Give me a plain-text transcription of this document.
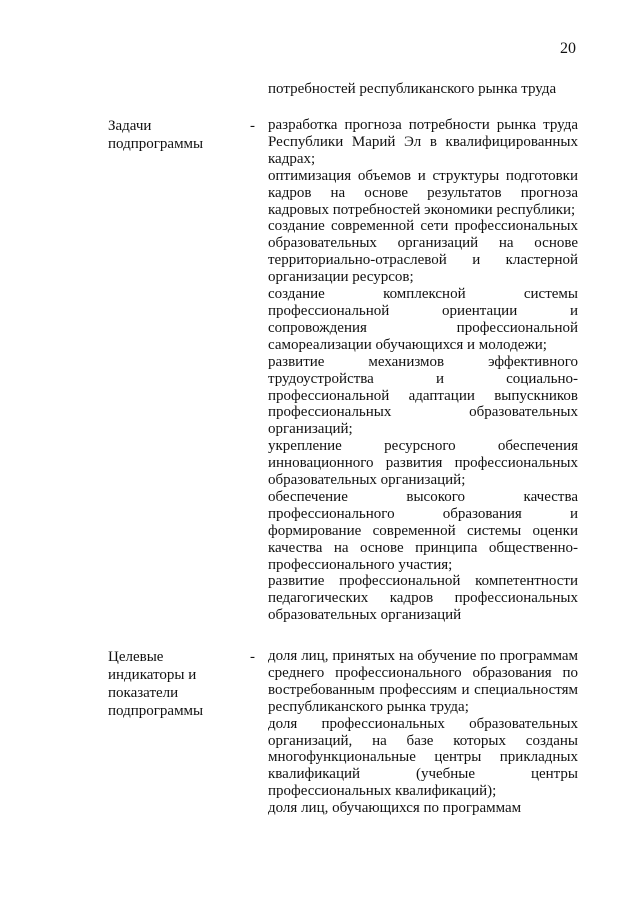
20
потребностей республиканского рынка труда
Задачи подпрограммы
- разработка прогноза потребности рынка труда Республики Марий Эл в квалифицированных кадрах;
оптимизация объемов и структуры подготовки кадров на основе результатов прогноза кадровых потребностей экономики республики;
создание современной сети профессиональных образовательных организаций на основе территориально-отраслевой и кластерной организации ресурсов;
создание комплексной системы профессиональной ориентации и сопровождения профессиональной самореализации обучающихся и молодежи;
развитие механизмов эффективного трудоустройства и социально-профессиональной адаптации выпускников профессиональных образовательных организаций;
укрепление ресурсного обеспечения инновационного развития профессиональных образовательных организаций;
обеспечение высокого качества профессионального образования и формирование современной системы оценки качества на основе принципа общественно-профессионального участия;
развитие профессиональной компетентности педагогических кадров профессиональных образовательных организаций
Целевые индикаторы и показатели подпрограммы
- доля лиц, принятых на обучение по программам среднего профессионального образования по востребованным профессиям и специальностям республиканского рынка труда;
доля профессиональных образовательных организаций, на базе которых созданы многофункциональные центры прикладных квалификаций (учебные центры профессиональных квалификаций);
доля лиц, обучающихся по программам
